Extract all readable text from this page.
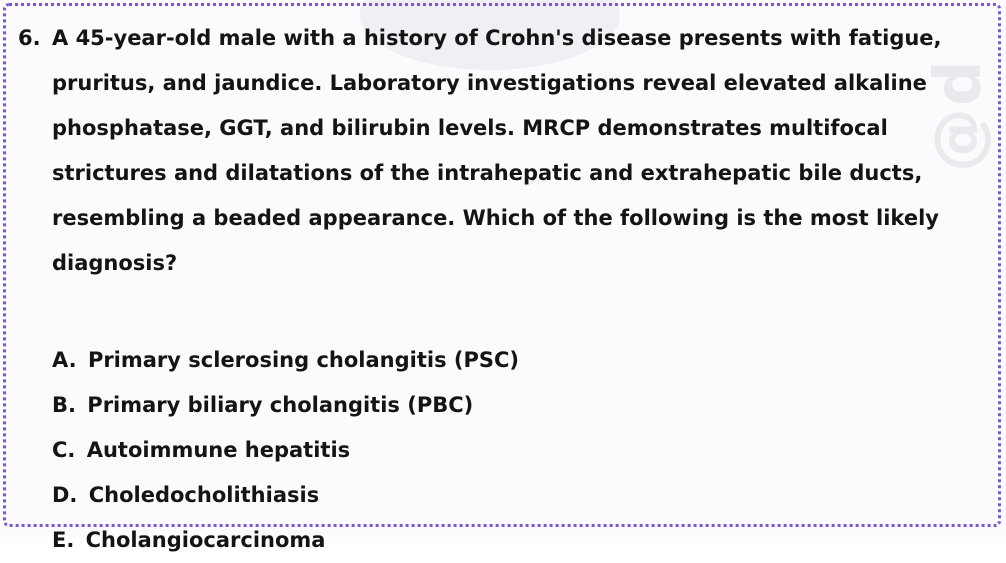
@d
6. A 45-year-old male with a history of Crohn's disease presents with fatigue, pruritus, and jaundice. Laboratory investigations reveal elevated alkaline phosphatase, GGT, and bilirubin levels. MRCP demonstrates multifocal strictures and dilatations of the intrahepatic and extrahepatic bile ducts, resembling a beaded appearance. Which of the following is the most likely diagnosis?
A. Primary sclerosing cholangitis (PSC)
B. Primary biliary cholangitis (PBC)
C. Autoimmune hepatitis
D. Choledocholithiasis
E. Cholangiocarcinoma
